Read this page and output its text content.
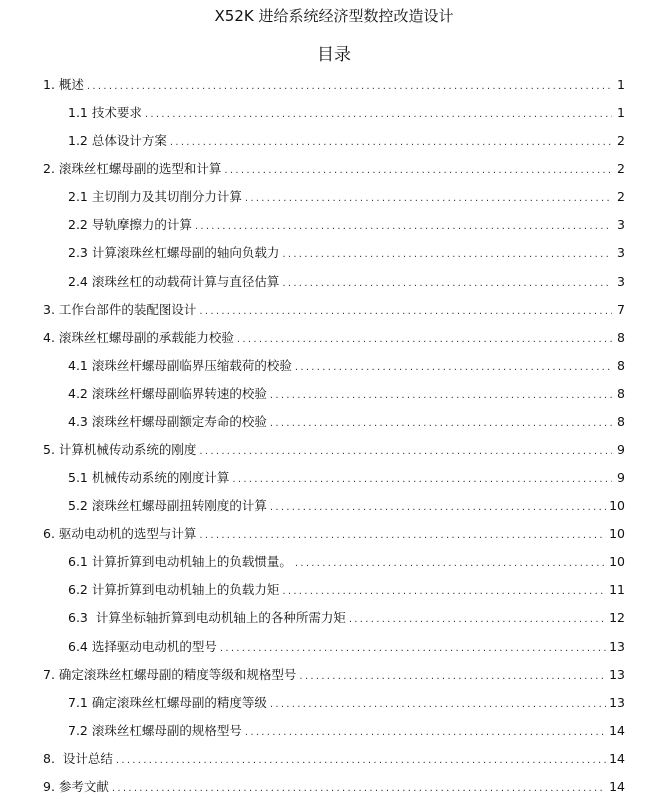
X52K 进给系统经济型数控改造设计
目录
1. 概述 .....	1
1.1 技术要求 .....	1
1.2 总体设计方案 .....	2
2. 滚珠丝杠螺母副的选型和计算 .....	2
2.1 主切削力及其切削分力计算 .....	2
2.2 导轨摩擦力的计算 .....	3
2.3 计算滚珠丝杠螺母副的轴向负载力 .....	3
2.4 滚珠丝杠的动载荷计算与直径估算 .....	3
3. 工作台部件的装配图设计 .....	7
4. 滚珠丝杠螺母副的承载能力校验 .....	8
4.1 滚珠丝杆螺母副临界压缩载荷的校验 .....	8
4.2 滚珠丝杆螺母副临界转速的校验 .....	8
4.3 滚珠丝杆螺母副额定寿命的校验 .....	8
5. 计算机械传动系统的刚度 .....	9
5.1 机械传动系统的刚度计算 .....	9
5.2 滚珠丝杠螺母副扭转刚度的计算 .....	10
6. 驱动电动机的选型与计算 .....	10
6.1 计算折算到电动机轴上的负载惯量。 .....	10
6.2 计算折算到电动机轴上的负载力矩 .....	11
6.3  计算坐标轴折算到电动机轴上的各种所需力矩 .....	12
6.4 选择驱动电动机的型号 .....	13
7. 确定滚珠丝杠螺母副的精度等级和规格型号 .....	13
7.1 确定滚珠丝杠螺母副的精度等级 .....	13
7.2 滚珠丝杠螺母副的规格型号 .....	14
8.  设计总结 .....	14
9. 参考文献 .....	14
